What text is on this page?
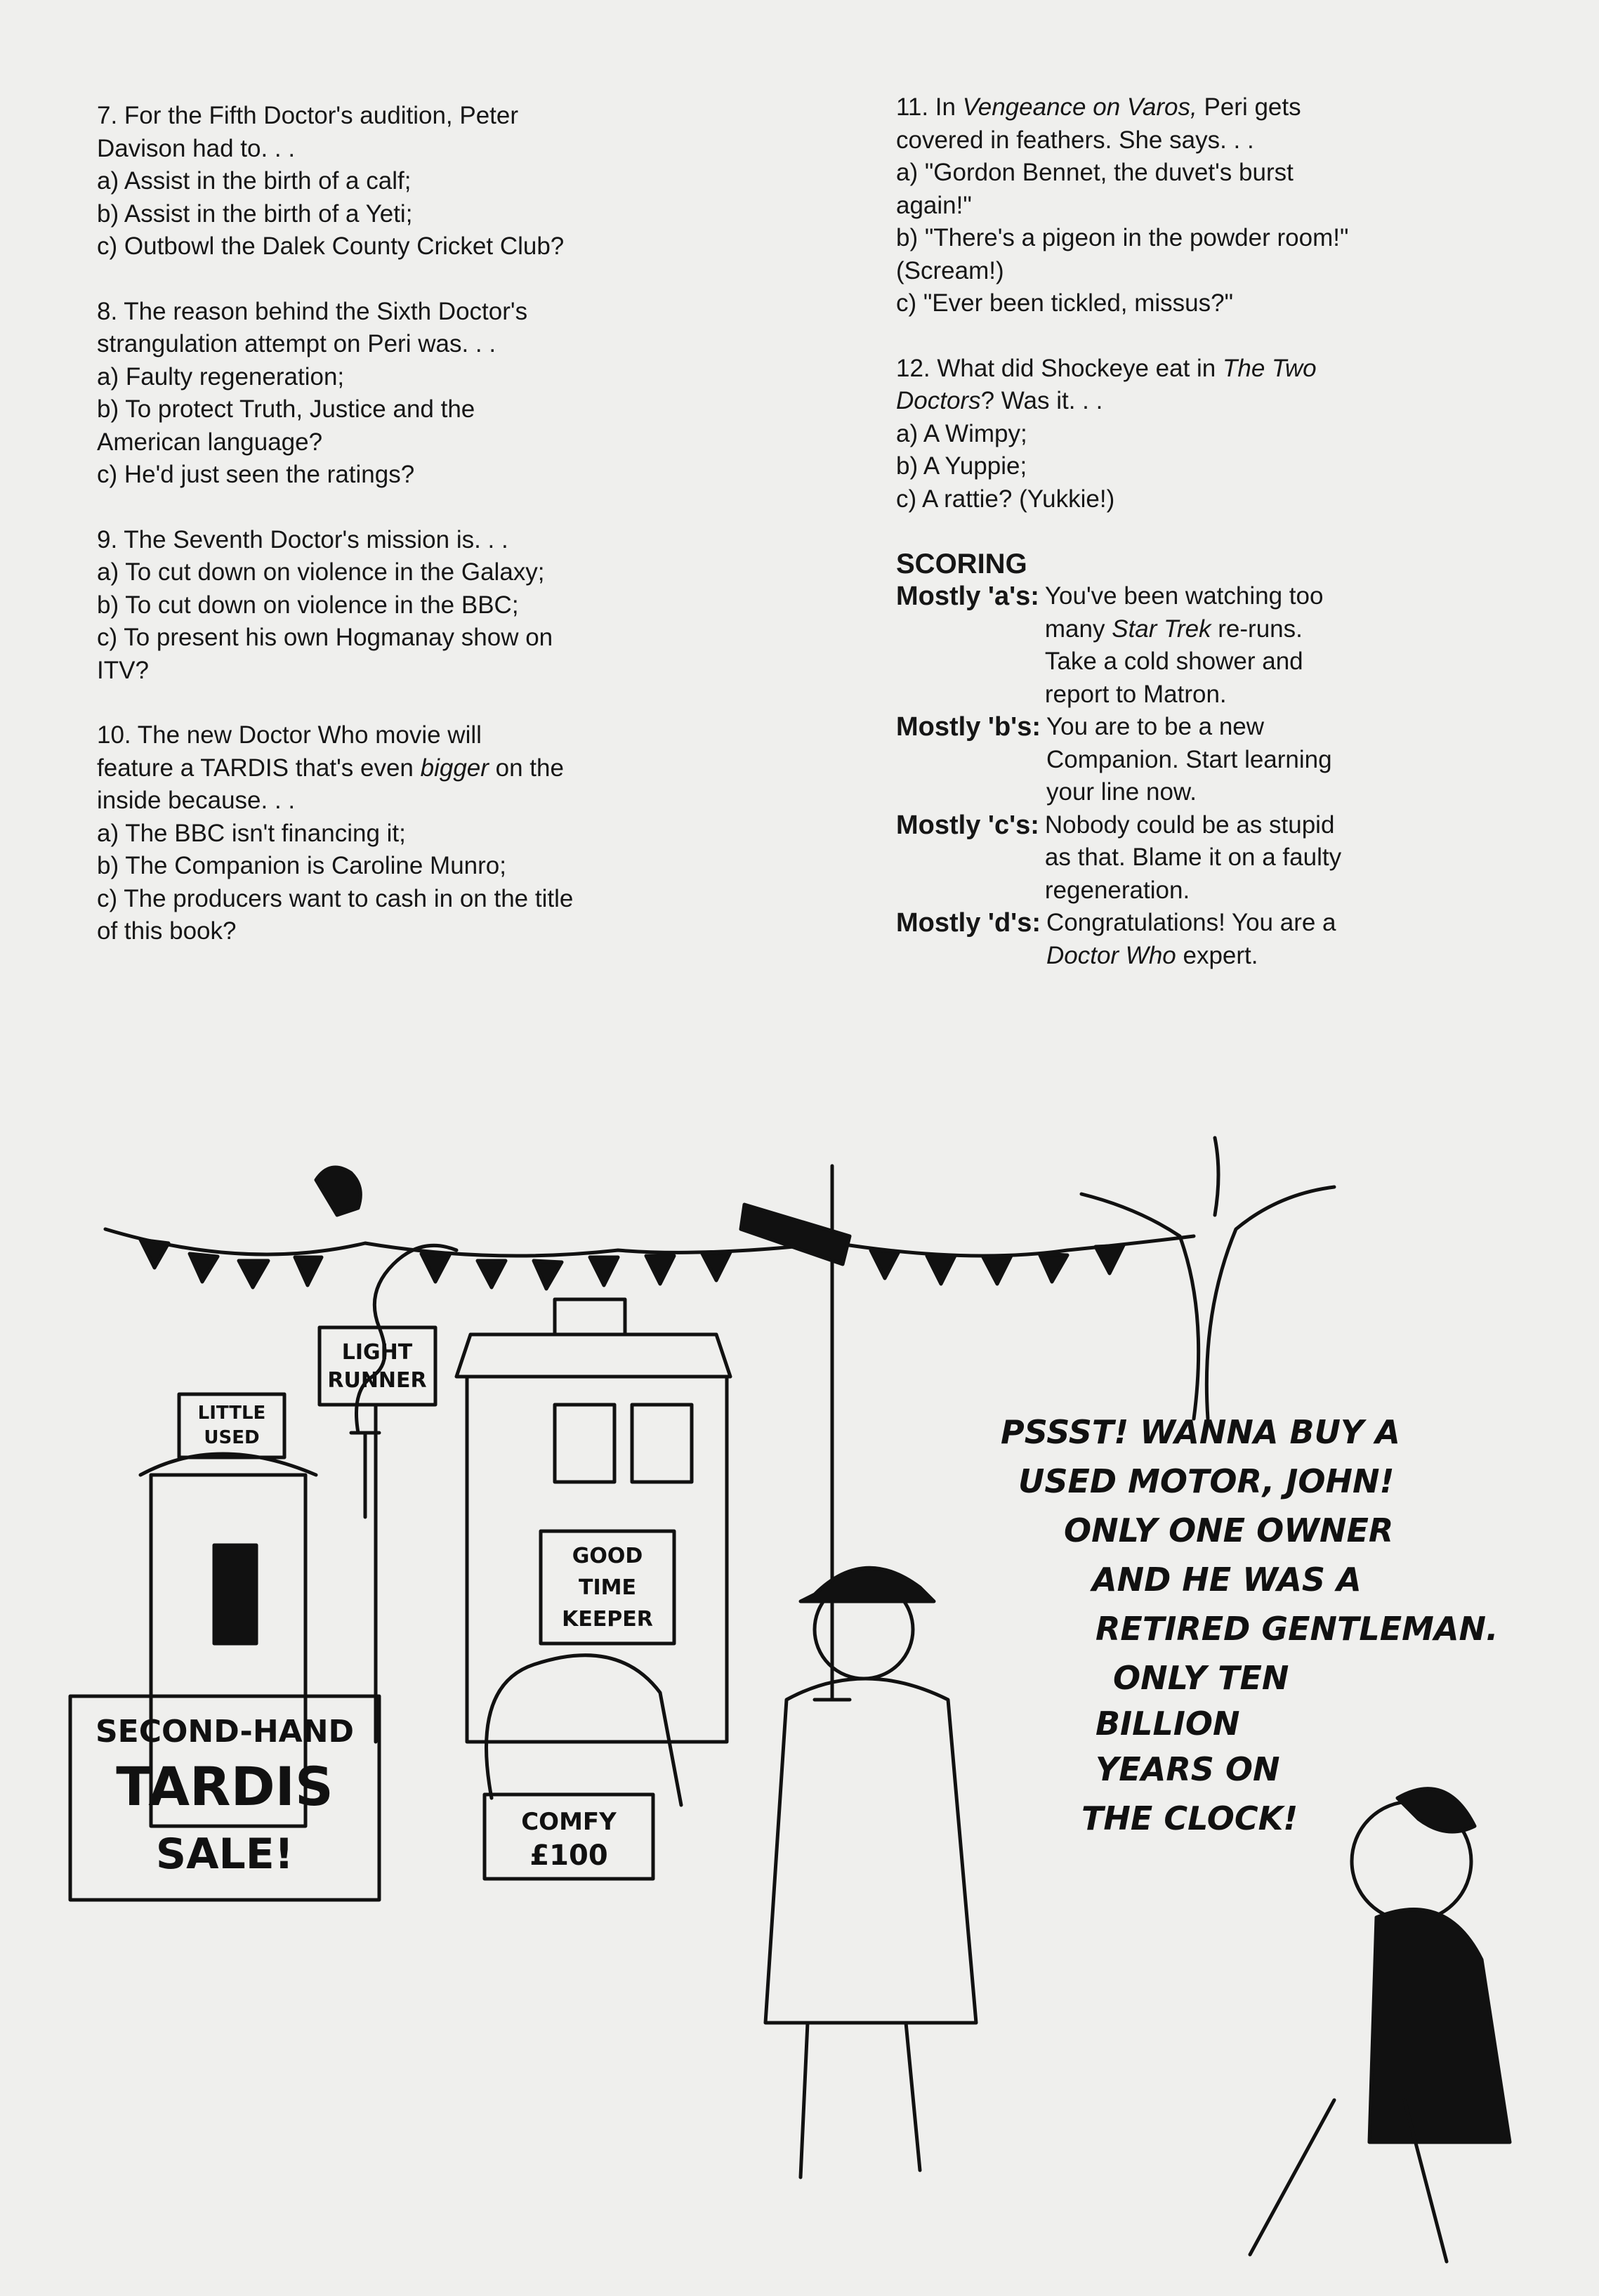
7. For the Fifth Doctor's audition, Peter
Davison had to. . .

a) Assist in the birth of a calf;

b) Assist in the birth of a Yeti;

c) Outbowl the Dalek County Cricket Club?

8. The reason behind the Sixth Doctor's
strangulation attempt on Peri was. . .

a) Faulty regeneration;

b) To protect Truth, Justice and the
American language?

c) He'd just seen the ratings?

9. The Seventh Doctor's mission is. . .

a) To cut down on violence in the Galaxy;

b) To cut down on violence in the BBC;

c) To present his own Hogmanay show on
ITV?

10. The new Doctor Who movie will
feature a TARDIS that's even bigger on the
inside because. . .

a) The BBC isn't financing it;

b) The Companion is Caroline Munro;

c) The producers want to cash in on the title
of this book?

11. In Vengeance on Varos, Peri gets
covered in feathers. She says. . .

a) "Gordon Bennet, the duvet's burst
again!"

b) "There's a pigeon in the powder room!"
(Scream!)

c) "Ever been tickled, missus?"

12. What did Shockeye eat in The Two
Doctors? Was it. . .

a) A Wimpy;

b) A Yuppie;

c) A rattie? (Yukkie!)

SCORING

Mostly 'a's: You've been watching too
many Star Trek re-runs.
Take a cold shower and
report to Matron.
Mostly 'b's: You are to be a new
Companion. Start learning
your line now.
Mostly 'c's: Nobody could be as stupid
as that. Blame it on a faulty
regeneration.
Mostly 'd's: Congratulations! You are a
Doctor Who expert.
LITTLE
USED
LIGHT
RUNNER
GOOD
TIME
KEEPER
SECOND-HAND
TARDIS
SALE!
COMFY
£100
PSSST! WANNA BUY A
USED MOTOR, JOHN!
ONLY ONE OWNER
AND HE WAS A
RETIRED GENTLEMAN.
ONLY TEN
BILLION
YEARS ON
THE CLOCK!
